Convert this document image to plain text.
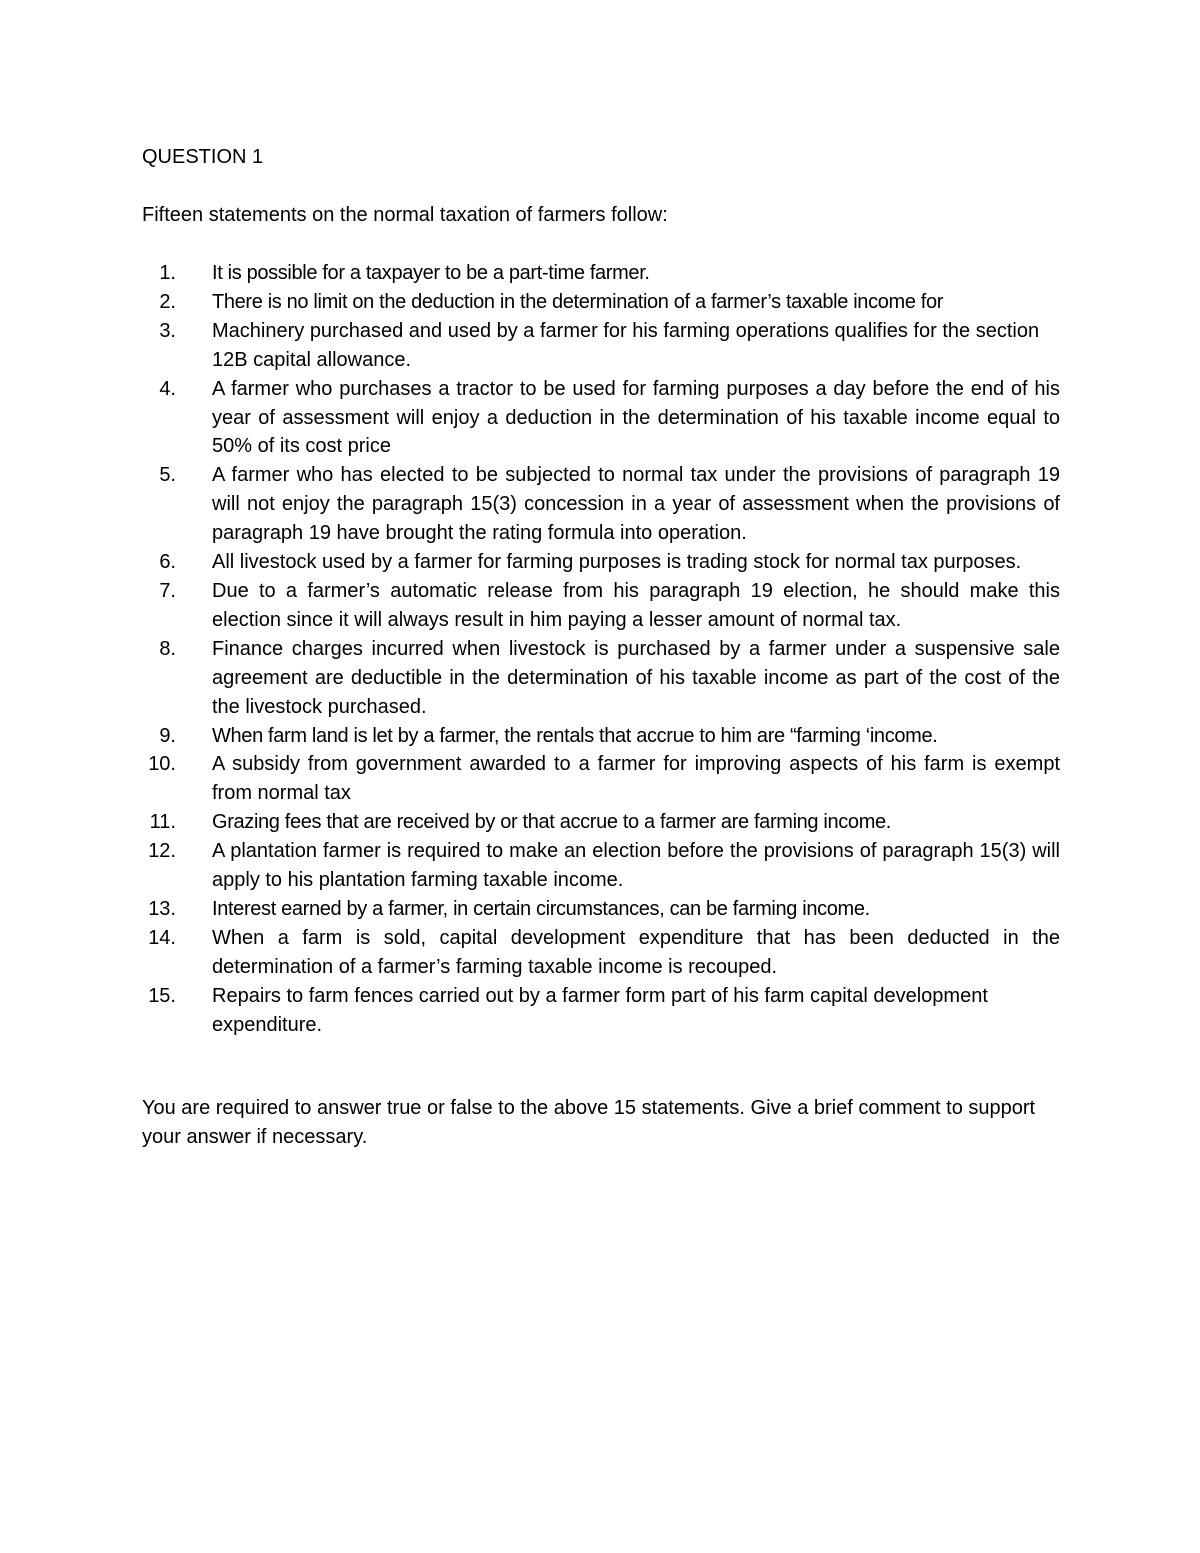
QUESTION 1
Fifteen statements on the normal taxation of farmers follow:
1.	It is possible for a taxpayer to be a part-time farmer.
2.	There is no limit on the deduction in the determination of a farmer’s taxable income for
3.	Machinery purchased and used by a farmer for his farming operations qualifies for the section 12B capital allowance.
4.	A farmer who purchases a tractor to be used for farming purposes a day before the end of his year of assessment will enjoy a deduction in the determination of his taxable income equal to 50% of its cost price
5.	A farmer who has elected to be subjected to normal tax under the provisions of paragraph 19 will not enjoy the paragraph 15(3) concession in a year of assessment when the provisions of paragraph 19 have brought the rating formula into operation.
6.	All livestock used by a farmer for farming purposes is trading stock for normal tax purposes.
7.	Due to a farmer’s automatic release from his paragraph 19 election, he should make this election since it will always result in him paying a lesser amount of normal tax.
8.	Finance charges incurred when livestock is purchased by a farmer under a suspensive sale agreement are deductible in the determination of his taxable income as part of the cost of the the livestock purchased.
9.	When farm land is let by a farmer, the rentals that accrue to him are “farming ‘income.
10.	A subsidy from government awarded to a farmer for improving aspects of his farm is exempt from normal tax
11.	Grazing fees that are received by or that accrue to a farmer are farming income.
12.	A plantation farmer is required to make an election before the provisions of paragraph 15(3) will apply to his plantation farming taxable income.
13.	Interest earned by a farmer, in certain circumstances, can be farming income.
14.	When a farm is sold, capital development expenditure that has been deducted in the determination of a farmer’s farming taxable income is recouped.
15.	Repairs to farm fences carried out by a farmer form part of his farm capital development expenditure.
You are required to answer true or false to the above 15 statements. Give a brief comment to support your answer if necessary.
